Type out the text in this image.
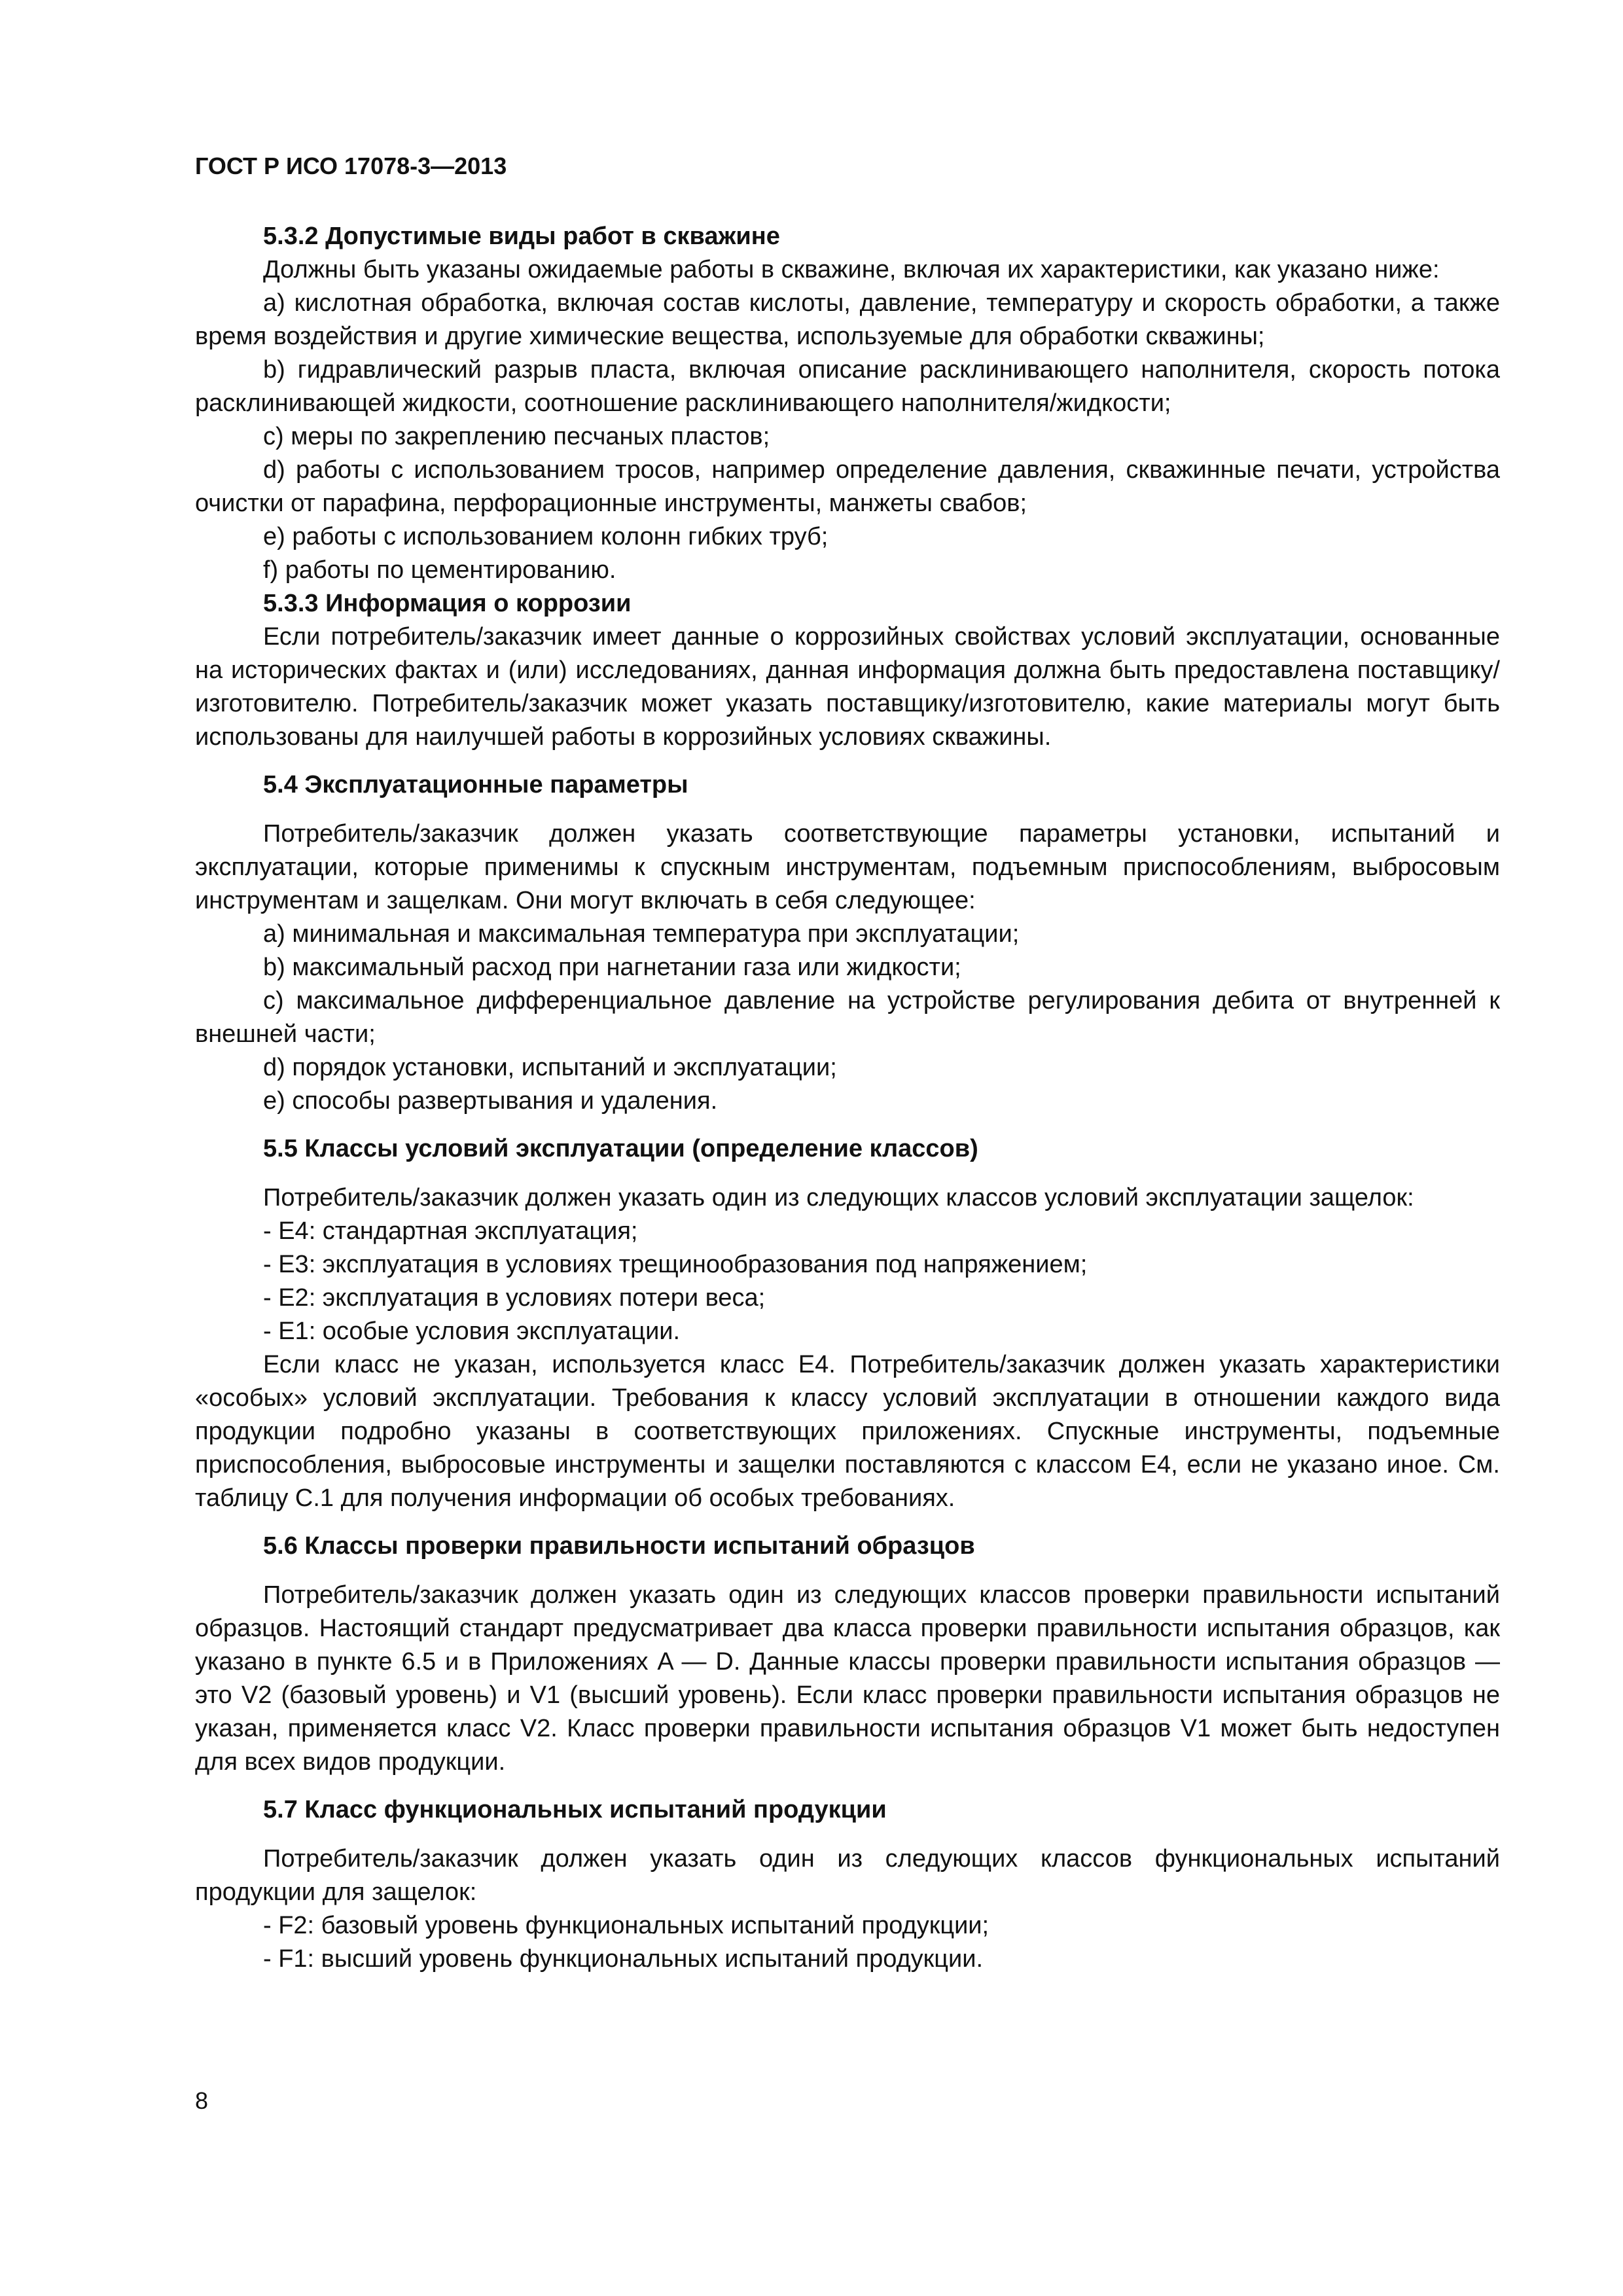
ГОСТ Р ИСО 17078-3—2013

5.3.2 Допустимые виды работ в скважине

Должны быть указаны ожидаемые работы в скважине, включая их характеристики, как указано ниже:

a) кислотная обработка, включая состав кислоты, давление, температуру и скорость обработки, а также время воздействия и другие химические вещества, используемые для обработки скважины;

b) гидравлический разрыв пласта, включая описание расклинивающего наполнителя, скорость потока расклинивающей жидкости, соотношение расклинивающего наполнителя/жидкости;

c) меры по закреплению песчаных пластов;

d) работы с использованием тросов, например определение давления, скважинные печати, устройства очистки от парафина, перфорационные инструменты, манжеты свабов;

e) работы с использованием колонн гибких труб;

f) работы по цементированию.

5.3.3 Информация о коррозии

Если потребитель/заказчик имеет данные о коррозийных свойствах условий эксплуатации, основанные на исторических фактах и (или) исследованиях, данная информация должна быть предоставлена поставщику/изготовителю. Потребитель/заказчик может указать поставщику/изготовителю, какие материалы могут быть использованы для наилучшей работы в коррозийных условиях скважины.

5.4 Эксплуатационные параметры

Потребитель/заказчик должен указать соответствующие параметры установки, испытаний и эксплуатации, которые применимы к спускным инструментам, подъемным приспособлениям, выбросовым инструментам и защелкам. Они могут включать в себя следующее:

a) минимальная и максимальная температура при эксплуатации;

b) максимальный расход при нагнетании газа или жидкости;

c) максимальное дифференциальное давление на устройстве регулирования дебита от внутренней к внешней части;

d) порядок установки, испытаний и эксплуатации;

e) способы развертывания и удаления.

5.5 Классы условий эксплуатации (определение классов)

Потребитель/заказчик должен указать один из следующих классов условий эксплуатации защелок:

- E4: стандартная эксплуатация;

- E3: эксплуатация в условиях трещинообразования под напряжением;

- E2: эксплуатация в условиях потери веса;

- E1: особые условия эксплуатации.

Если класс не указан, используется класс E4. Потребитель/заказчик должен указать характеристики «особых» условий эксплуатации. Требования к классу условий эксплуатации в отношении каждого вида продукции подробно указаны в соответствующих приложениях. Спускные инструменты, подъемные приспособления, выбросовые инструменты и защелки поставляются с классом E4, если не указано иное. См. таблицу C.1 для получения информации об особых требованиях.

5.6 Классы проверки правильности испытаний образцов

Потребитель/заказчик должен указать один из следующих классов проверки правильности испытаний образцов. Настоящий стандарт предусматривает два класса проверки правильности испытания образцов, как указано в пункте 6.5 и в Приложениях A — D. Данные классы проверки правильности испытания образцов — это V2 (базовый уровень) и V1 (высший уровень). Если класс проверки правильности испытания образцов не указан, применяется класс V2. Класс проверки правильности испытания образцов V1 может быть недоступен для всех видов продукции.

5.7 Класс функциональных испытаний продукции

Потребитель/заказчик должен указать один из следующих классов функциональных испытаний продукции для защелок:

- F2: базовый уровень функциональных испытаний продукции;

- F1: высший уровень функциональных испытаний продукции.

8
